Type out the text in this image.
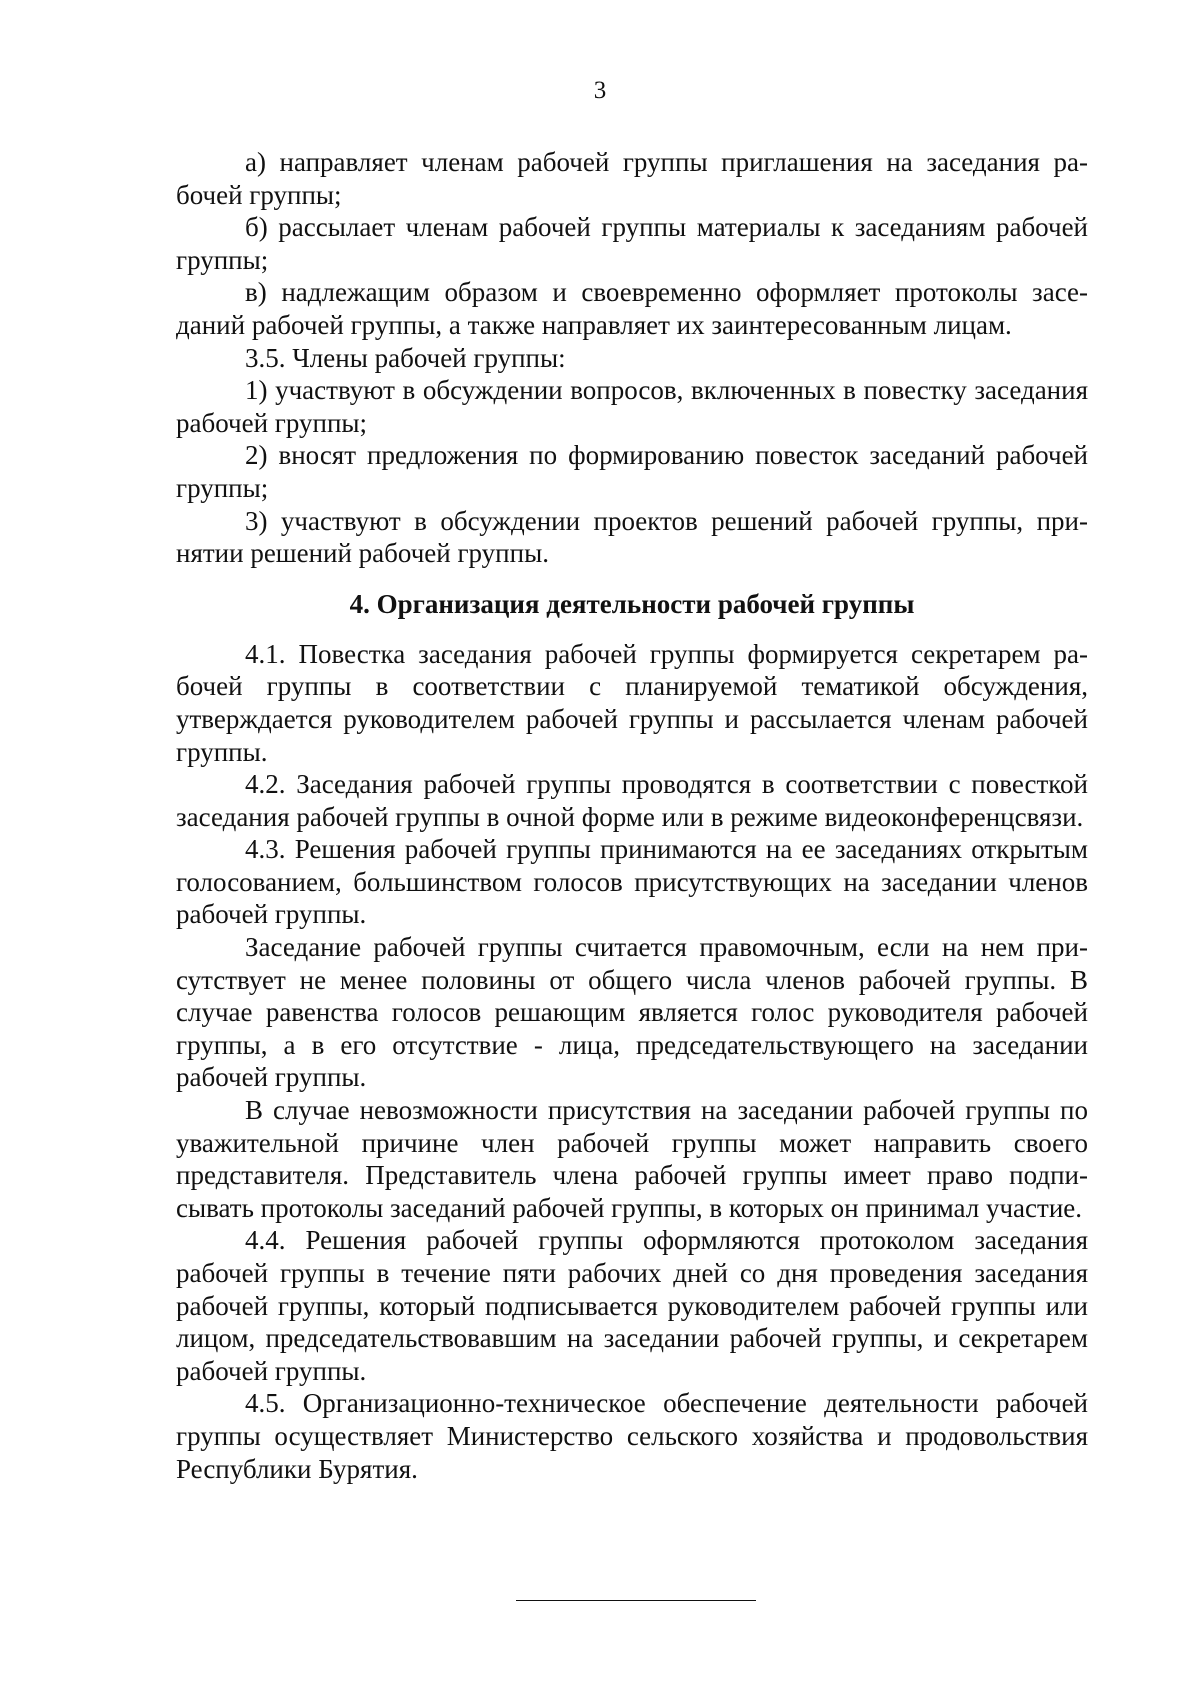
3

а) направляет членам рабочей группы приглашения на заседания рабочей группы;

б) рассылает членам рабочей группы материалы к заседаниям рабочей группы;

в) надлежащим образом и своевременно оформляет протоколы заседаний рабочей группы, а также направляет их заинтересованным лицам.

3.5. Члены рабочей группы:

1) участвуют в обсуждении вопросов, включенных в повестку заседания рабочей группы;

2) вносят предложения по формированию повесток заседаний рабочей группы;

3) участвуют в обсуждении проектов решений рабочей группы, принятии решений рабочей группы.

4. Организация деятельности рабочей группы

4.1. Повестка заседания рабочей группы формируется секретарем рабочей группы в соответствии с планируемой тематикой обсуждения, утверждается руководителем рабочей группы и рассылается членам рабочей группы.

4.2. Заседания рабочей группы проводятся в соответствии с повесткой заседания рабочей группы в очной форме или в режиме видеоконференцсвязи.

4.3. Решения рабочей группы принимаются на ее заседаниях открытым голосованием, большинством голосов присутствующих на заседании членов рабочей группы.

Заседание рабочей группы считается правомочным, если на нем присутствует не менее половины от общего числа членов рабочей группы. В случае равенства голосов решающим является голос руководителя рабочей группы, а в его отсутствие - лица, председательствующего на заседании рабочей группы.

В случае невозможности присутствия на заседании рабочей группы по уважительной причине член рабочей группы может направить своего представителя. Представитель члена рабочей группы имеет право подписывать протоколы заседаний рабочей группы, в которых он принимал участие.

4.4. Решения рабочей группы оформляются протоколом заседания рабочей группы в течение пяти рабочих дней со дня проведения заседания рабочей группы, который подписывается руководителем рабочей группы или лицом, председательствовавшим на заседании рабочей группы, и секретарем рабочей группы.

4.5. Организационно-техническое обеспечение деятельности рабочей группы осуществляет Министерство сельского хозяйства и продовольствия Республики Бурятия.
